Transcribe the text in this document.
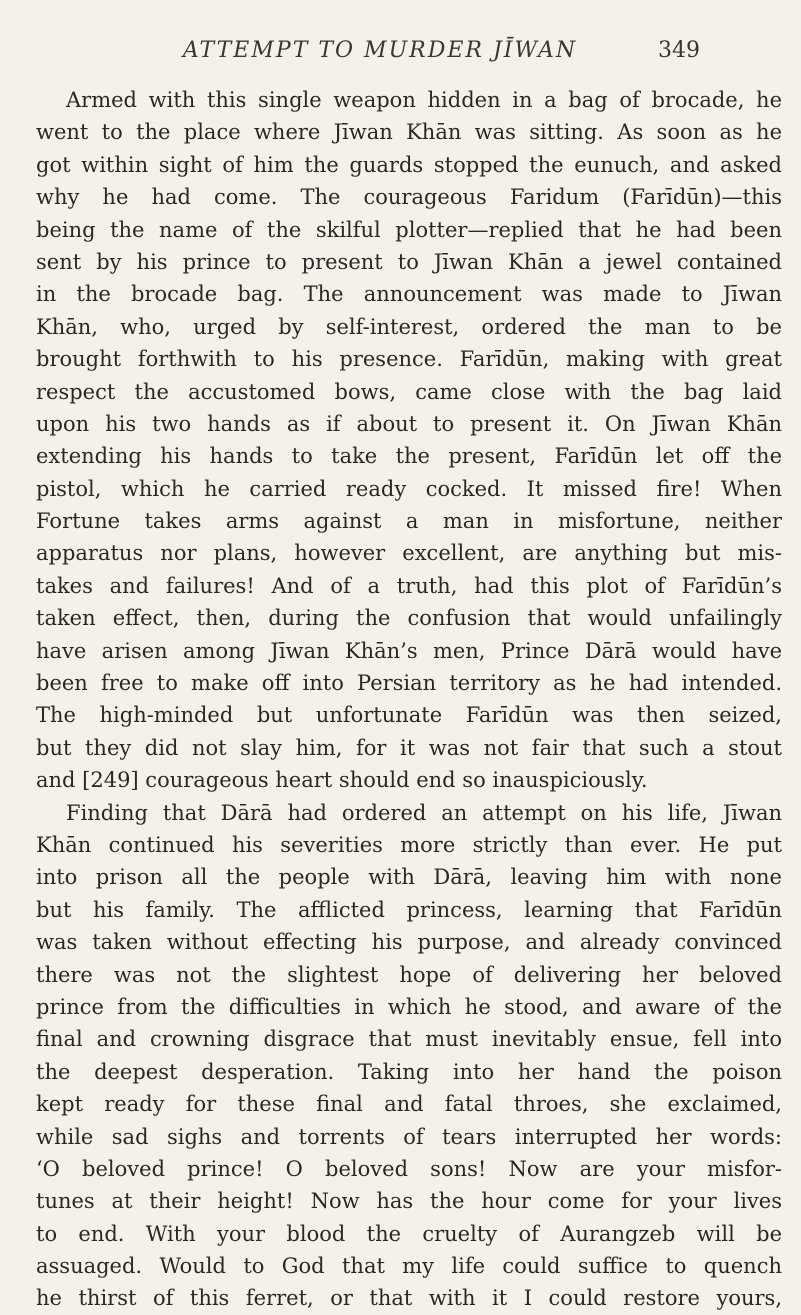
ATTEMPT TO MURDER JĪWAN	349
Armed with this single weapon hidden in a bag of brocade, he
went to the place where Jīwan Khān was sitting. As soon as he
got within sight of him the guards stopped the eunuch, and asked
why he had come. The courageous Faridum (Farīdūn)—this
being the name of the skilful plotter—replied that he had been
sent by his prince to present to Jīwan Khān a jewel contained
in the brocade bag. The announcement was made to Jīwan
Khān, who, urged by self-interest, ordered the man to be
brought forthwith to his presence. Farīdūn, making with great
respect the accustomed bows, came close with the bag laid
upon his two hands as if about to present it. On Jīwan Khān
extending his hands to take the present, Farīdūn let off the
pistol, which he carried ready cocked. It missed fire! When
Fortune takes arms against a man in misfortune, neither
apparatus nor plans, however excellent, are anything but mis-
takes and failures! And of a truth, had this plot of Farīdūn’s
taken effect, then, during the confusion that would unfailingly
have arisen among Jīwan Khān’s men, Prince Dārā would have
been free to make off into Persian territory as he had intended.
The high-minded but unfortunate Farīdūn was then seized,
but they did not slay him, for it was not fair that such a stout
and [249] courageous heart should end so inauspiciously.
Finding that Dārā had ordered an attempt on his life, Jīwan
Khān continued his severities more strictly than ever. He put
into prison all the people with Dārā, leaving him with none
but his family. The afflicted princess, learning that Farīdūn
was taken without effecting his purpose, and already convinced
there was not the slightest hope of delivering her beloved
prince from the difficulties in which he stood, and aware of the
final and crowning disgrace that must inevitably ensue, fell into
the deepest desperation. Taking into her hand the poison
kept ready for these final and fatal throes, she exclaimed,
while sad sighs and torrents of tears interrupted her words:
‘O beloved prince! O beloved sons! Now are your misfor-
tunes at their height! Now has the hour come for your lives
to end. With your blood the cruelty of Aurangzeb will be
assuaged. Would to God that my life could suffice to quench
he thirst of this ferret, or that with it I could restore yours,
